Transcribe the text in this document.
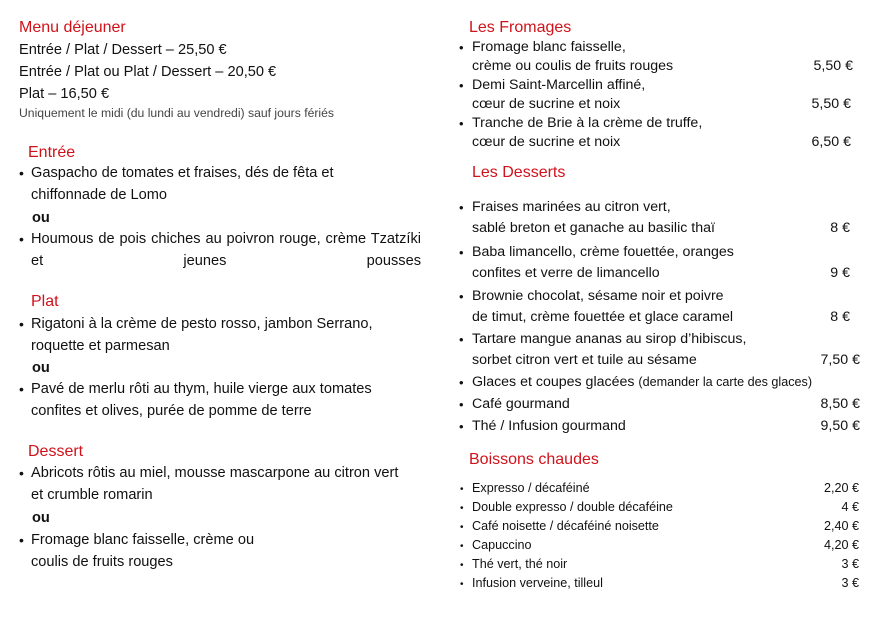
Menu déjeuner
Entrée / Plat / Dessert – 25,50 €
Entrée / Plat ou Plat / Dessert – 20,50 €
Plat – 16,50 €
Uniquement le midi (du lundi au vendredi) sauf jours fériés
Entrée
• Gaspacho de tomates et fraises, dés de fêta et chiffonnade de Lomo
ou
• Houmous de pois chiches au poivron rouge, crème Tzatzíki et jeunes pousses
Plat
• Rigatoni à la crème de pesto rosso, jambon Serrano, roquette et parmesan
ou
• Pavé de merlu rôti au thym, huile vierge aux tomates confites et olives, purée de pomme de terre
Dessert
• Abricots rôtis au miel, mousse mascarpone au citron vert et crumble romarin
ou
• Fromage blanc faisselle, crème ou coulis de fruits rouges
Les Fromages
• Fromage blanc faisselle,
crème ou coulis de fruits rouges	5,50 €
• Demi Saint-Marcellin affiné,
cœur de sucrine et noix	5,50 €
• Tranche de Brie à la crème de truffe,
cœur de sucrine et noix	6,50 €
Les Desserts
• Fraises marinées au citron vert,
sablé breton et ganache au basilic thaï	8 €
• Baba limancello, crème fouettée, oranges
confites et verre de limancello	9 €
• Brownie chocolat, sésame noir et poivre
de timut, crème fouettée et glace caramel	8 €
• Tartare mangue ananas au sirop d’hibiscus,
sorbet citron vert et tuile au sésame	7,50 €
• Glaces et coupes glacées (demander la carte des glaces)
• Café gourmand	8,50 €
• Thé / Infusion gourmand	9,50 €
Boissons chaudes
• Expresso / décaféiné	2,20 €
• Double expresso / double décaféine	4 €
• Café noisette / décaféiné noisette	2,40 €
• Capuccino	4,20 €
• Thé vert, thé noir	3 €
• Infusion verveine, tilleul	3 €
